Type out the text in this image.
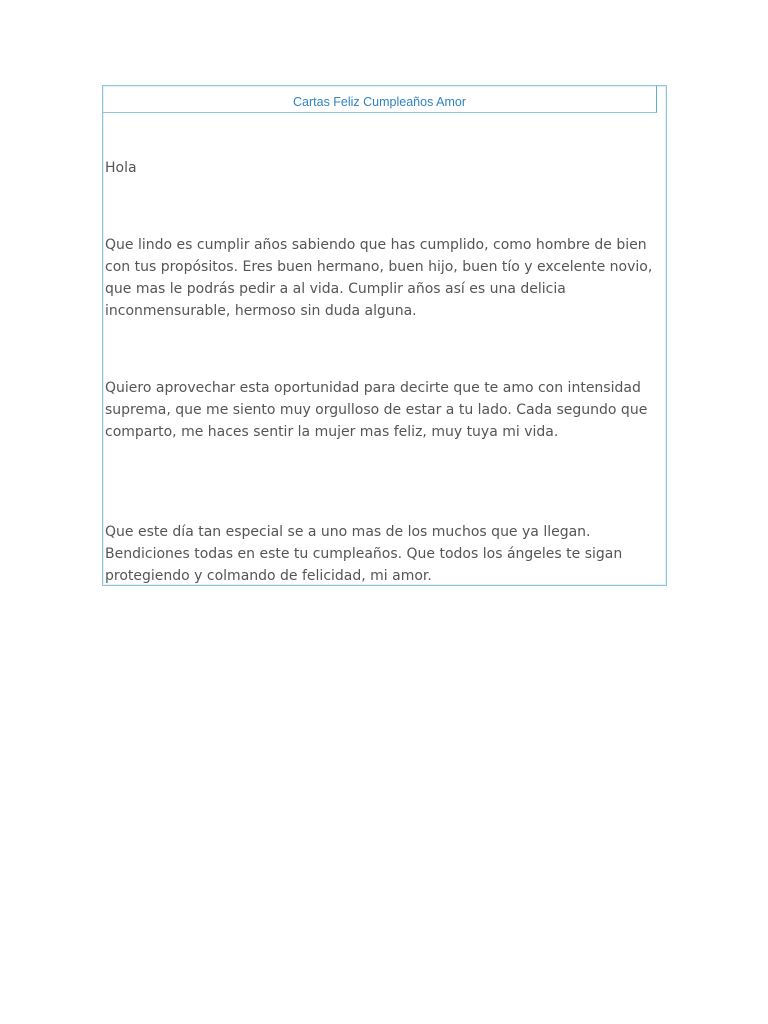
Cartas Feliz Cumpleaños Amor

Hola

Que lindo es cumplir años sabiendo que has cumplido, como hombre de bien con tus propósitos. Eres buen hermano, buen hijo, buen tío y excelente novio, que mas le podrás pedir a al vida. Cumplir años así es una delicia inconmensurable, hermoso sin duda alguna.

Quiero aprovechar esta oportunidad para decirte que te amo con intensidad suprema, que me siento muy orgulloso de estar a tu lado. Cada segundo que comparto, me haces sentir la mujer mas feliz, muy tuya mi vida.

Que este día tan especial se a uno mas de los muchos que ya llegan. Bendiciones todas en este tu cumpleaños. Que todos los ángeles te sigan protegiendo y colmando de felicidad, mi amor.
